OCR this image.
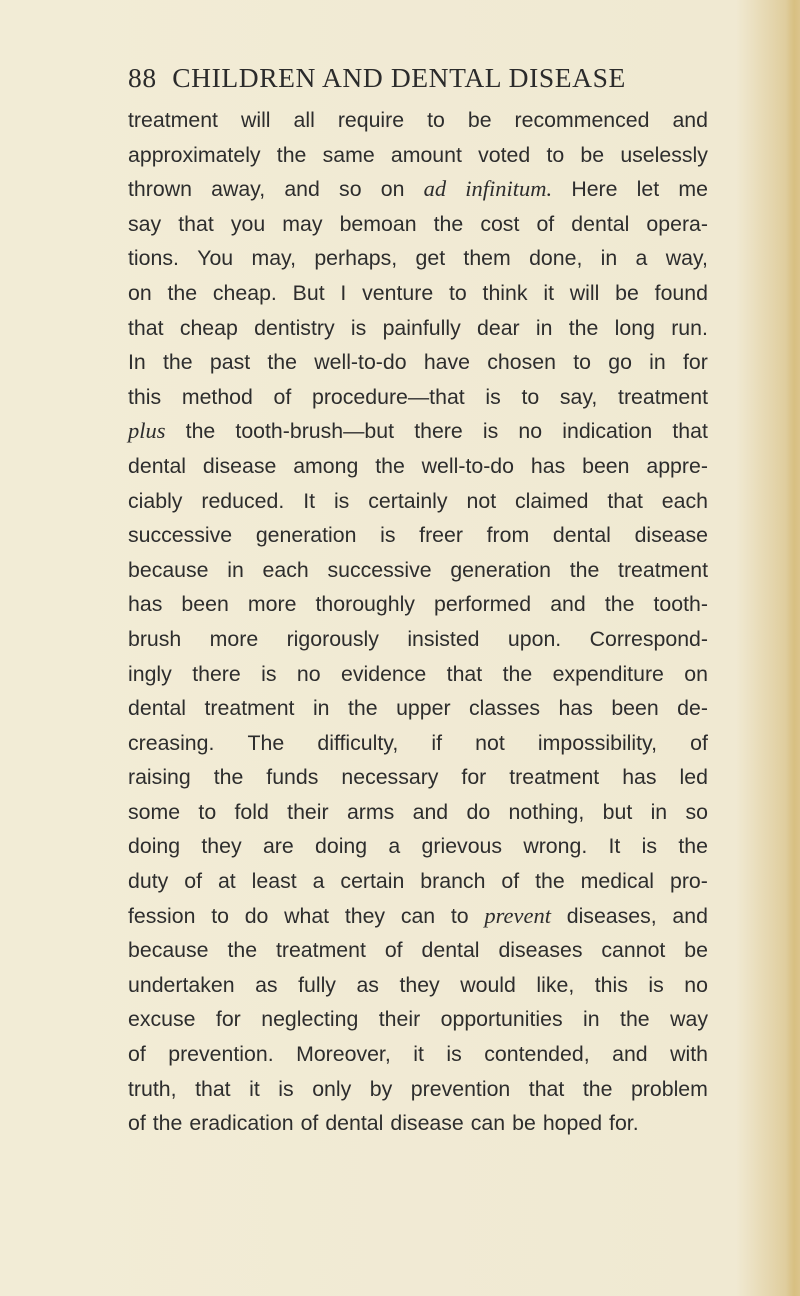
88 CHILDREN AND DENTAL DISEASE
treatment will all require to be recommenced and
approximately the same amount voted to be uselessly
thrown away, and so on ad infinitum. Here let me
say that you may bemoan the cost of dental opera-
tions. You may, perhaps, get them done, in a way,
on the cheap. But I venture to think it will be found
that cheap dentistry is painfully dear in the long run.
In the past the well-to-do have chosen to go in for
this method of procedure—that is to say, treatment
plus the tooth-brush—but there is no indication that
dental disease among the well-to-do has been appre-
ciably reduced. It is certainly not claimed that each
successive generation is freer from dental disease
because in each successive generation the treatment
has been more thoroughly performed and the tooth-
brush more rigorously insisted upon. Correspond-
ingly there is no evidence that the expenditure on
dental treatment in the upper classes has been de-
creasing. The difficulty, if not impossibility, of
raising the funds necessary for treatment has led
some to fold their arms and do nothing, but in so
doing they are doing a grievous wrong. It is the
duty of at least a certain branch of the medical pro-
fession to do what they can to prevent diseases, and
because the treatment of dental diseases cannot be
undertaken as fully as they would like, this is no
excuse for neglecting their opportunities in the way
of prevention. Moreover, it is contended, and with
truth, that it is only by prevention that the problem
of the eradication of dental disease can be hoped for.
